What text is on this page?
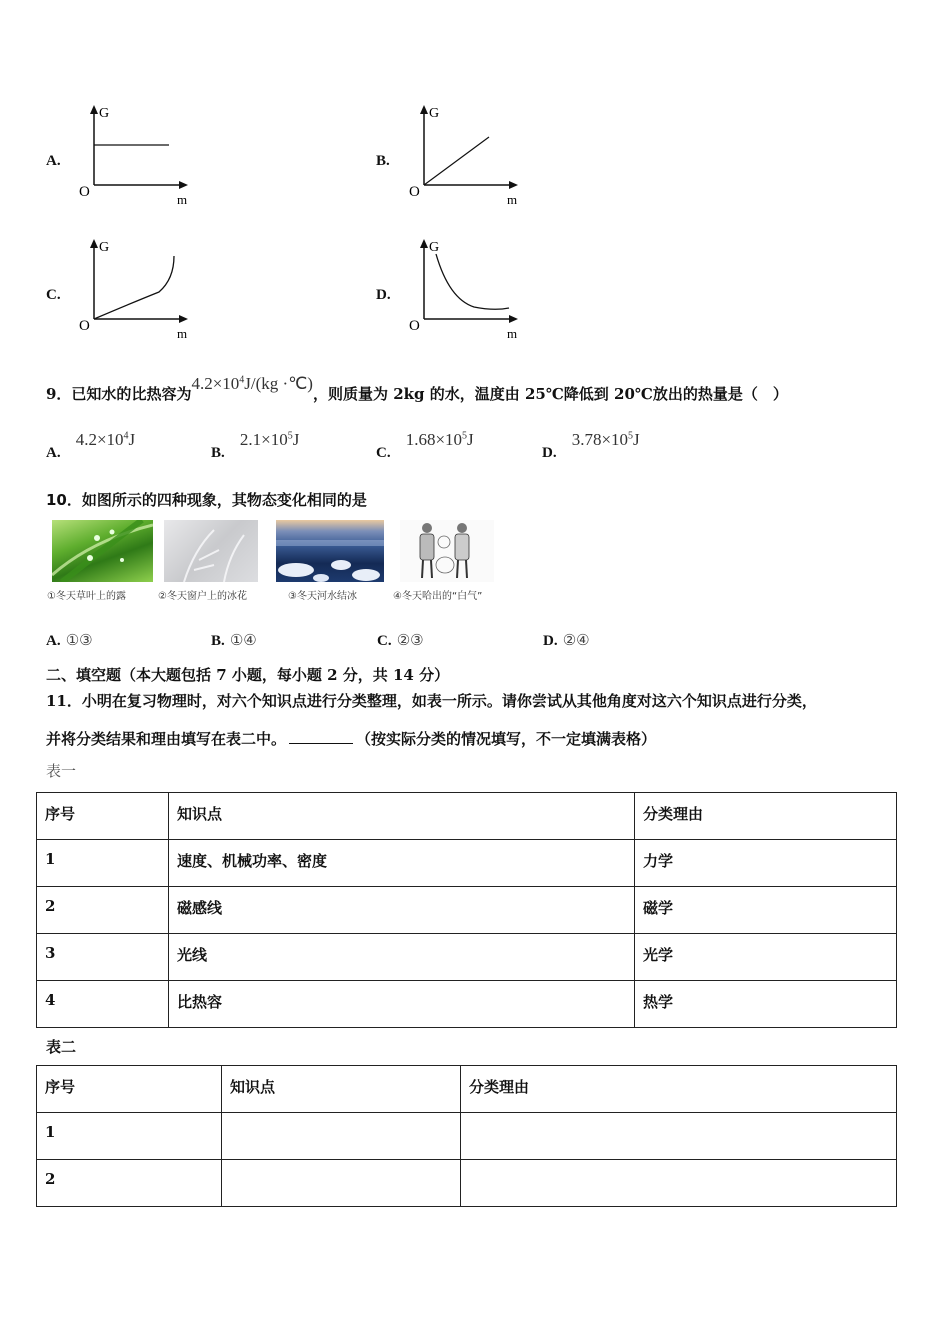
A.
G
O	m
B.
G
O	m
C.
G
O	m
D.
G
O	m
9．已知水的比热容为$4.2\times 10^4J/(kg$ ·℃)，则质量为 2kg 的水，温度由 25℃降低到 20℃放出的热量是（　）
A. $4.2\times 10^4J$
B. $2.1\times 10^5J$
C. $1.68\times 10^5J$
D. $3.78\times 10^5J$
10．如图所示的四种现象，其物态变化相同的是
①冬天草叶上的露	②冬天窗户上的冰花	③冬天河水结冰	④冬天哈出的“白气”
A. ①③	B. ①④	C. ②③	D. ②④
二、填空题（本大题包括 7 小题，每小题 2 分，共 14 分）
11．小明在复习物理时，对六个知识点进行分类整理，如表一所示。请你尝试从其他角度对这六个知识点进行分类，
并将分类结果和理由填写在表二中。	（按实际分类的情况填写，不一定填满表格）
表一
序号	知识点	分类理由
1	速度、机械功率、密度	力学
2	磁感线	磁学
3	光线	光学
4	比热容	热学
表二
序号	知识点	分类理由
1		
2		
